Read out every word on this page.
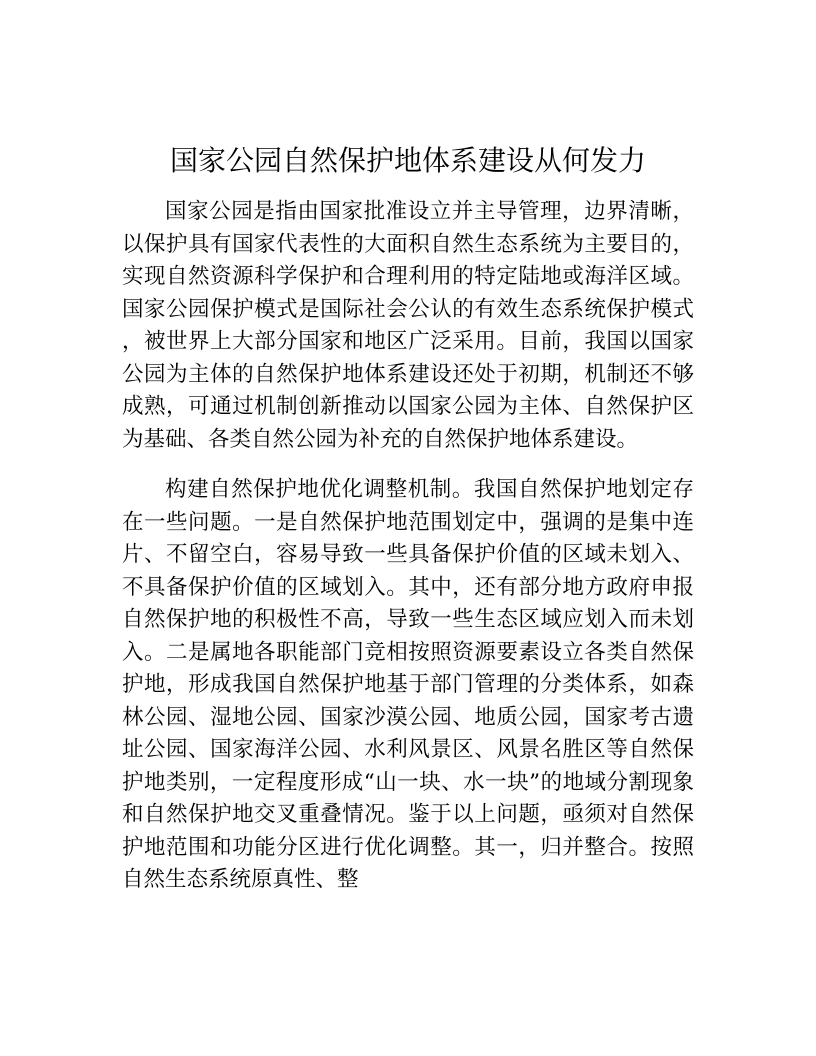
国家公园自然保护地体系建设从何发力

国家公园是指由国家批准设立并主导管理，边界清晰，以保护具有国家代表性的大面积自然生态系统为主要目的，实现自然资源科学保护和合理利用的特定陆地或海洋区域。国家公园保护模式是国际社会公认的有效生态系统保护模式，被世界上大部分国家和地区广泛采用。目前，我国以国家公园为主体的自然保护地体系建设还处于初期，机制还不够成熟，可通过机制创新推动以国家公园为主体、自然保护区为基础、各类自然公园为补充的自然保护地体系建设。

构建自然保护地优化调整机制。我国自然保护地划定存在一些问题。一是自然保护地范围划定中，强调的是集中连片、不留空白，容易导致一些具备保护价值的区域未划入、不具备保护价值的区域划入。其中，还有部分地方政府申报自然保护地的积极性不高，导致一些生态区域应划入而未划入。二是属地各职能部门竞相按照资源要素设立各类自然保护地，形成我国自然保护地基于部门管理的分类体系，如森林公园、湿地公园、国家沙漠公园、地质公园，国家考古遗址公园、国家海洋公园、水利风景区、风景名胜区等自然保护地类别，一定程度形成“山一块、水一块”的地域分割现象和自然保护地交叉重叠情况。鉴于以上问题，亟须对自然保护地范围和功能分区进行优化调整。其一，归并整合。按照自然生态系统原真性、整
